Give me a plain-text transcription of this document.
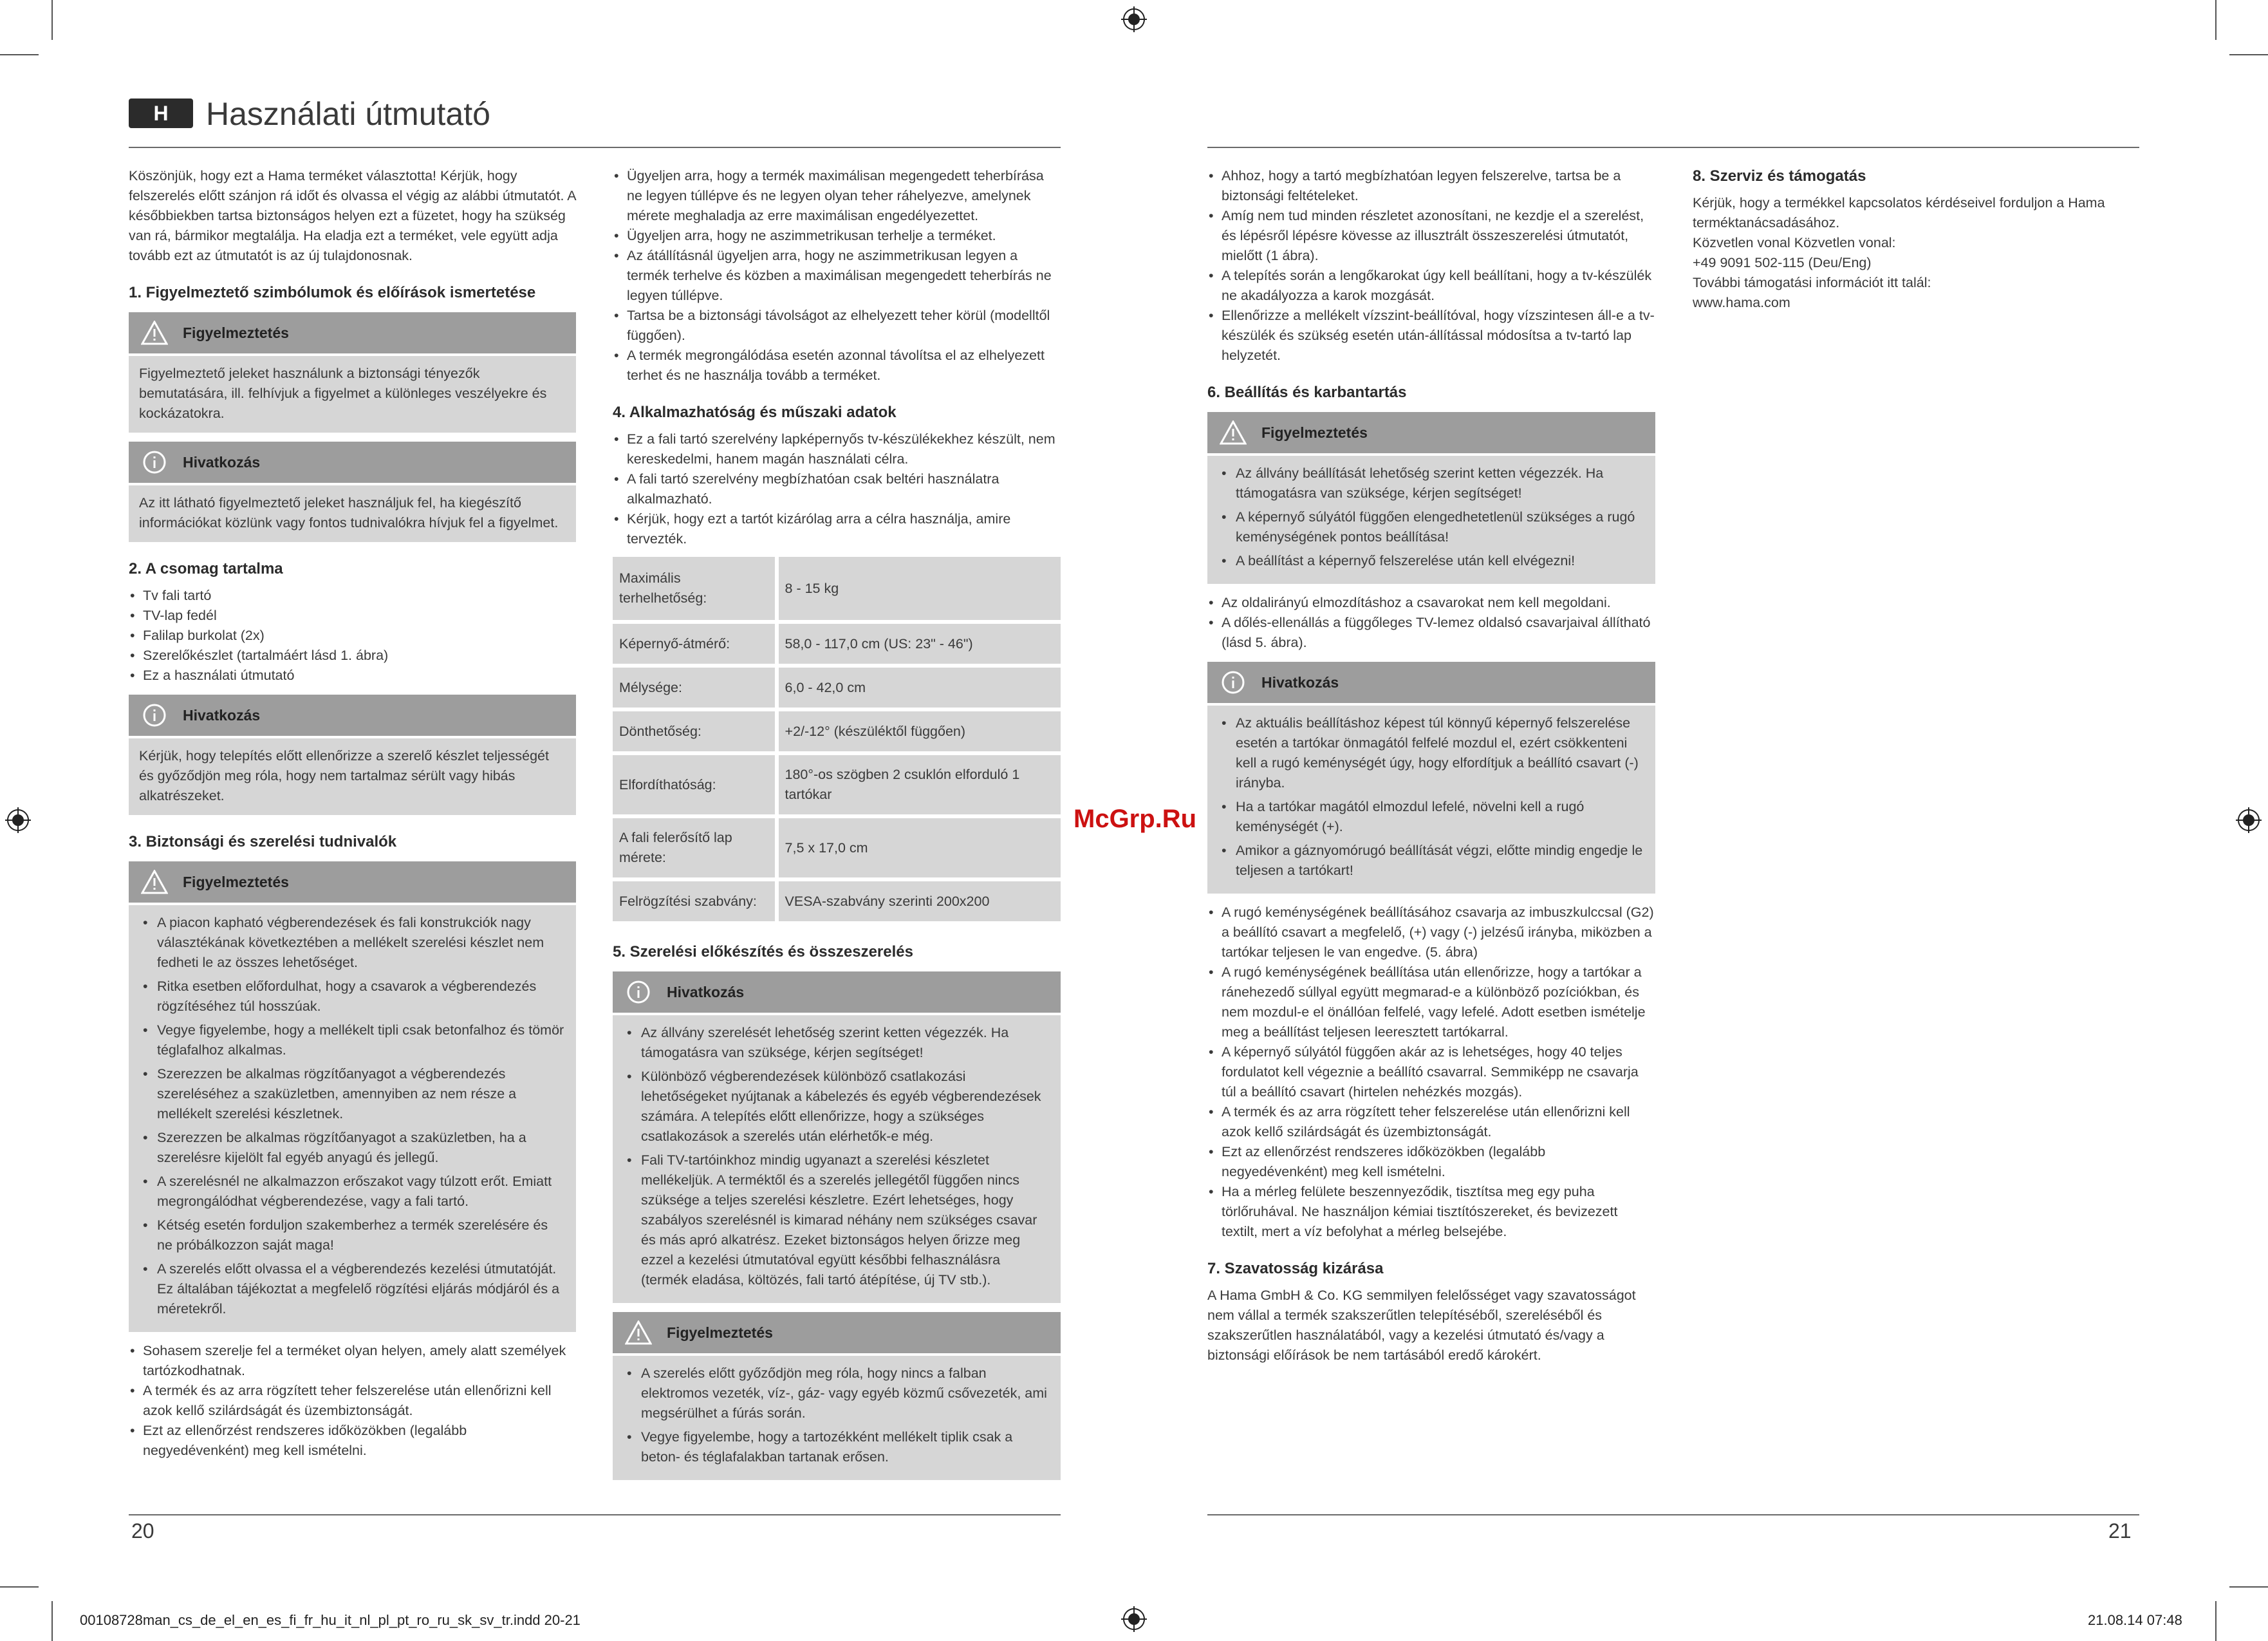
H	Használati útmutató

Köszönjük, hogy ezt a Hama terméket választotta! Kérjük, hogy felszerelés előtt szánjon rá időt és olvassa el végig az alábbi útmutatót. A későbbiekben tartsa biztonságos helyen ezt a füzetet, hogy ha szükség van rá, bármikor megtalálja. Ha eladja ezt a terméket, vele együtt adja tovább ezt az útmutatót is az új tulajdonosnak.

1. Figyelmeztető szimbólumok és előírások ismertetése
Figyelmeztetés

Figyelmeztető jeleket használunk a biztonsági tényezők bemutatására, ill. felhívjuk a figyelmet a különleges veszélyekre és kockázatokra.

Hivatkozás

Az itt látható figyelmeztető jeleket használjuk fel, ha kiegészítő információkat közlünk vagy fontos tudnivalókra hívjuk fel a figyelmet.

2. A csomag tartalma
• Tv fali tartó
• TV-lap fedél
• Falilap burkolat (2x)
• Szerelőkészlet (tartalmáért lásd 1. ábra)
• Ez a használati útmutató
Hivatkozás

Kérjük, hogy telepítés előtt ellenőrizze a szerelő készlet teljességét és győződjön meg róla, hogy nem tartalmaz sérült vagy hibás alkatrészeket.

3. Biztonsági és szerelési tudnivalók
Figyelmeztetés
• A piacon kapható végberendezések és fali konstrukciók nagy választékának következtében a mellékelt szerelési készlet nem fedheti le az összes lehetőséget.
• Ritka esetben előfordulhat, hogy a csavarok a végberendezés rögzítéséhez túl hosszúak.
• Vegye figyelembe, hogy a mellékelt tipli csak betonfalhoz és tömör téglafalhoz alkalmas.
• Szerezzen be alkalmas rögzítőanyagot a végberendezés szereléséhez a szaküzletben, amennyiben az nem része a mellékelt szerelési készletnek.
• Szerezzen be alkalmas rögzítőanyagot a szaküzletben, ha a szerelésre kijelölt fal egyéb anyagú és jellegű.
• A szerelésnél ne alkalmazzon erőszakot vagy túlzott erőt. Emiatt megrongálódhat végberendezése, vagy a fali tartó.
• Kétség esetén forduljon szakemberhez a termék szerelésére és ne próbálkozzon saját maga!
• A szerelés előtt olvassa el a végberendezés kezelési útmutatóját. Ez általában tájékoztat a megfelelő rögzítési eljárás módjáról és a méretekről.
• Sohasem szerelje fel a terméket olyan helyen, amely alatt személyek tartózkodhatnak.
• A termék és az arra rögzített teher felszerelése után ellenőrizni kell azok kellő szilárdságát és üzembiztonságát.
• Ezt az ellenőrzést rendszeres időközökben (legalább negyedévenként) meg kell ismételni.
• Ügyeljen arra, hogy a termék maximálisan megengedett teherbírása ne legyen túllépve és ne legyen olyan teher ráhelyezve, amelynek mérete meghaladja az erre maximálisan engedélyezettet.
• Ügyeljen arra, hogy ne aszimmetrikusan terhelje a terméket.
• Az átállításnál ügyeljen arra, hogy ne aszimmetrikusan legyen a termék terhelve és közben a maximálisan megengedett teherbírás ne legyen túllépve.
• Tartsa be a biztonsági távolságot az elhelyezett teher körül (modelltől függően).
• A termék megrongálódása esetén azonnal távolítsa el az elhelyezett terhet és ne használja tovább a terméket.
4. Alkalmazhatóság és műszaki adatok
• Ez a fali tartó szerelvény lapképernyős tv-készülékekhez készült, nem kereskedelmi, hanem magán használati célra.
• A fali tartó szerelvény megbízhatóan csak beltéri használatra alkalmazható.
• Kérjük, hogy ezt a tartót kizárólag arra a célra használja, amire tervezték.
Maximális terhelhetőség:	8 - 15 kg
Képernyő-átmérő:	58,0 - 117,0 cm (US: 23" - 46")
Mélysége:	6,0 - 42,0 cm
Dönthetőség:	+2/-12° (készüléktől függően)
Elfordíthatóság:	180°-os szögben 2 csuklón elforduló 1 tartókar
A fali felerősítő lap mérete:	7,5 x 17,0 cm
Felrögzítési szabvány:	VESA-szabvány szerinti 200x200
5. Szerelési előkészítés és összeszerelés
Hivatkozás
• Az állvány szerelését lehetőség szerint ketten végezzék. Ha támogatásra van szüksége, kérjen segítséget!
• Különböző végberendezések különböző csatlakozási lehetőségeket nyújtanak a kábelezés és egyéb végberendezések számára. A telepítés előtt ellenőrizze, hogy a szükséges csatlakozások a szerelés után elérhetők-e még.
• Fali TV-tartóinkhoz mindig ugyanazt a szerelési készletet mellékeljük. A terméktől és a szerelés jellegétől függően nincs szüksége a teljes szerelési készletre. Ezért lehetséges, hogy szabályos szerelésnél is kimarad néhány nem szükséges csavar és más apró alkatrész. Ezeket biztonságos helyen őrizze meg ezzel a kezelési útmutatóval együtt későbbi felhasználásra (termék eladása, költözés, fali tartó átépítése, új TV stb.).
Figyelmeztetés
• A szerelés előtt győződjön meg róla, hogy nincs a falban elektromos vezeték, víz-, gáz- vagy egyéb közmű csővezeték, ami megsérülhet a fúrás során.
• Vegye figyelembe, hogy a tartozékként mellékelt tiplik csak a beton- és téglafalakban tartanak erősen.
• Ahhoz, hogy a tartó megbízhatóan legyen felszerelve, tartsa be a biztonsági feltételeket.
• Amíg nem tud minden részletet azonosítani, ne kezdje el a szerelést, és lépésről lépésre kövesse az illusztrált összeszerelési útmutatót, mielőtt (1 ábra).
• A telepítés során a lengőkarokat úgy kell beállítani, hogy a tv-készülék ne akadályozza a karok mozgását.
• Ellenőrizze a mellékelt vízszint-beállítóval, hogy vízszintesen áll-e a tv-készülék és szükség esetén után-állítással módosítsa a tv-tartó lap helyzetét.
6. Beállítás és karbantartás
Figyelmeztetés
• Az állvány beállítását lehetőség szerint ketten végezzék. Ha ttámogatásra van szüksége, kérjen segítséget!
• A képernyő súlyától függően elengedhetetlenül szükséges a rugó keménységének pontos beállítása!
• A beállítást a képernyő felszerelése után kell elvégezni!
• Az oldalirányú elmozdításhoz a csavarokat nem kell megoldani.
• A dőlés-ellenállás a függőleges TV-lemez oldalsó csavarjaival állítható (lásd 5. ábra).
Hivatkozás
• Az aktuális beállításhoz képest túl könnyű képernyő felszerelése esetén a tartókar önmagától felfelé mozdul el, ezért csökkenteni kell a rugó keménységét úgy, hogy elfordítjuk a beállító csavart (-) irányba.
• Ha a tartókar magától elmozdul lefelé, növelni kell a rugó keménységét (+).
• Amikor a gáznyomórugó beállítását végzi, előtte mindig engedje le teljesen a tartókart!
• A rugó keménységének beállításához csavarja az imbuszkulccsal (G2) a beállító csavart a megfelelő, (+) vagy (-) jelzésű irányba, miközben a tartókar teljesen le van engedve. (5. ábra)
• A rugó keménységének beállítása után ellenőrizze, hogy a tartókar a ránehezedő súllyal együtt megmarad-e a különböző pozíciókban, és nem mozdul-e el önállóan felfelé, vagy lefelé. Adott esetben ismételje meg a beállítást teljesen leeresztett tartókarral.
• A képernyő súlyától függően akár az is lehetséges, hogy 40 teljes fordulatot kell végeznie a beállító csavarral. Semmiképp ne csavarja túl a beállító csavart (hirtelen nehézkés mozgás).
• A termék és az arra rögzített teher felszerelése után ellenőrizni kell azok kellő szilárdságát és üzembiztonságát.
• Ezt az ellenőrzést rendszeres időközökben (legalább negyedévenként) meg kell ismételni.
• Ha a mérleg felülete beszennyeződik, tisztítsa meg egy puha törlőruhával. Ne használjon kémiai tisztítószereket, és bevizezett textilt, mert a víz befolyhat a mérleg belsejébe.
7. Szavatosság kizárása

A Hama GmbH & Co. KG semmilyen felelősséget vagy szavatosságot nem vállal a termék szakszerűtlen telepítéséből, szereléséből és szakszerűtlen használatából, vagy a kezelési útmutató és/vagy a biztonsági előírások be nem tartásából eredő károkért.

8. Szerviz és támogatás

Kérjük, hogy a termékkel kapcsolatos kérdéseivel forduljon a Hama terméktanácsadásához.

Közvetlen vonal Közvetlen vonal:

+49 9091 502-115 (Deu/Eng)

További támogatási információt itt talál:

www.hama.com

McGrp.Ru
20	21
00108728man_cs_de_el_en_es_fi_fr_hu_it_nl_pl_pt_ro_ru_sk_sv_tr.indd 20-21	21.08.14 07:48
